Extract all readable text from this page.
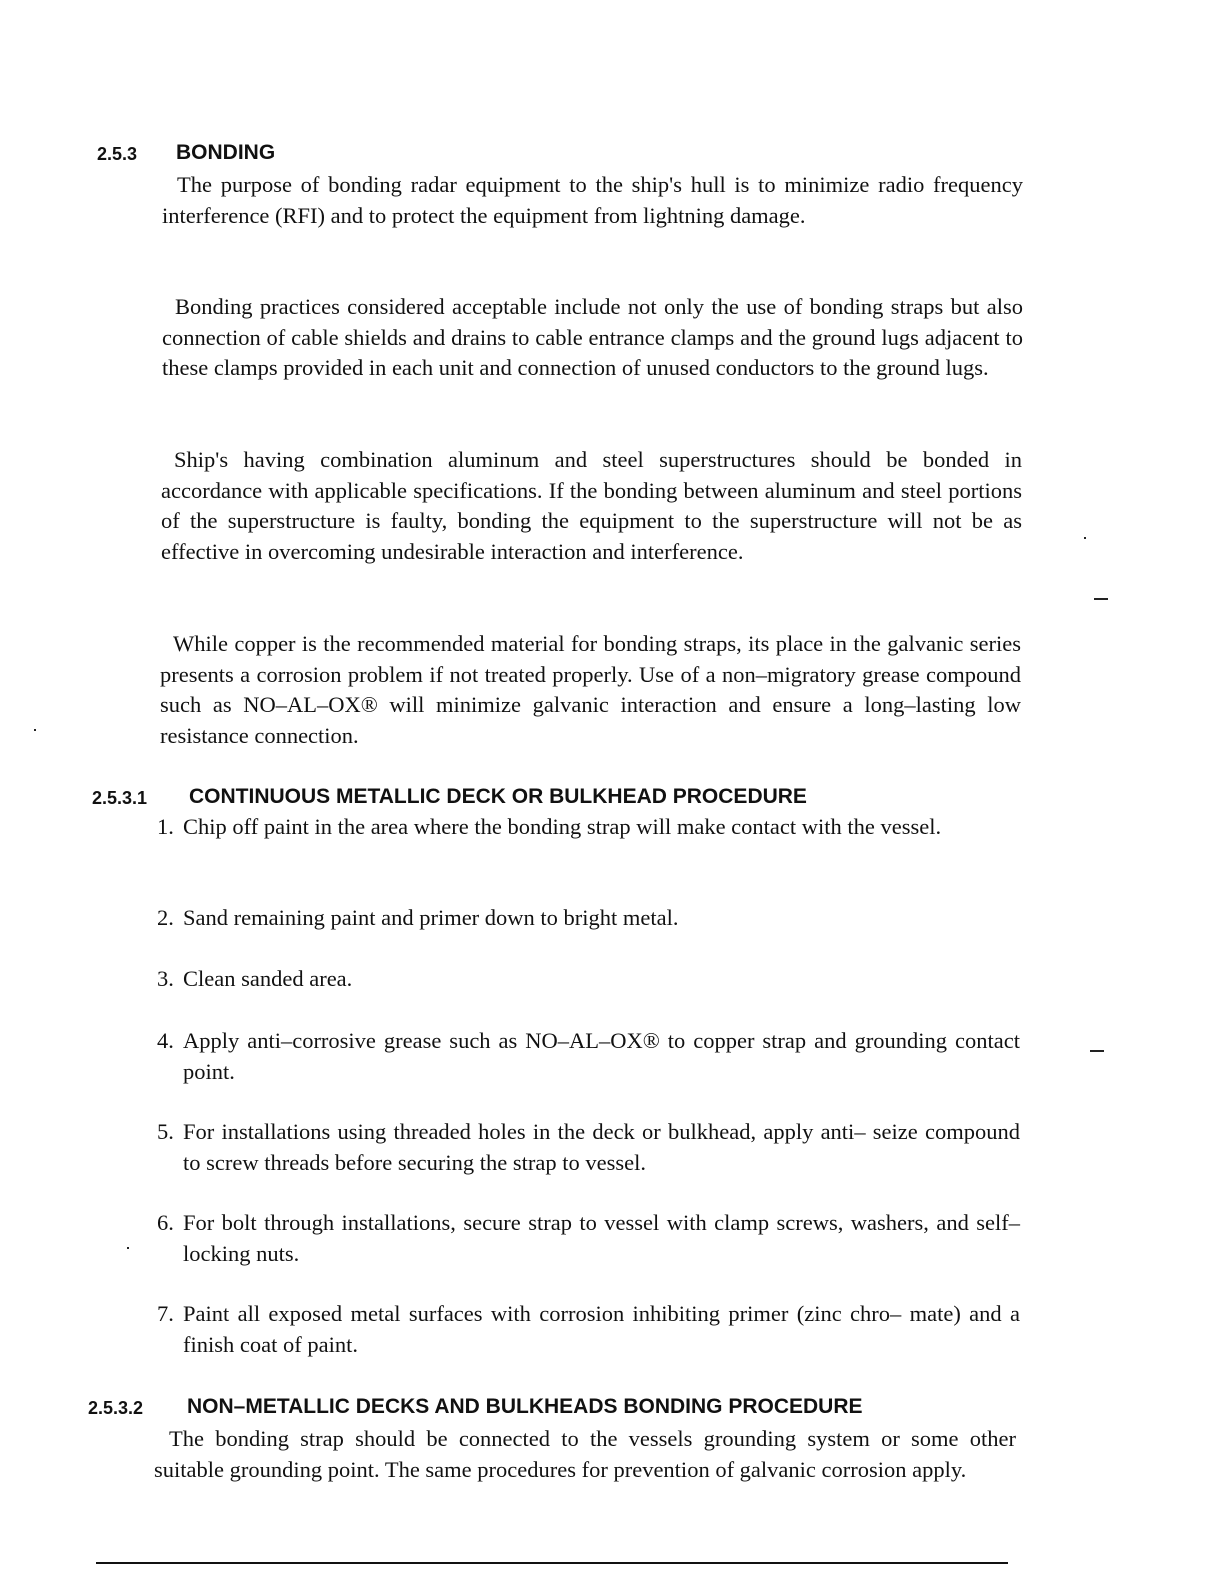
2.5.3 BONDING

The purpose of bonding radar equipment to the ship's hull is to minimize radio frequency interference (RFI) and to protect the equipment from lightning damage.

Bonding practices considered acceptable include not only the use of bonding straps but also connection of cable shields and drains to cable entrance clamps and the ground lugs adjacent to these clamps provided in each unit and connection of unused conductors to the ground lugs.

Ship's having combination aluminum and steel superstructures should be bonded in accordance with applicable specifications. If the bonding between aluminum and steel portions of the superstructure is faulty, bonding the equipment to the superstructure will not be as effective in overcoming undesirable interaction and interference.

While copper is the recommended material for bonding straps, its place in the galvanic series presents a corrosion problem if not treated properly. Use of a non–migratory grease compound such as NO–AL–OX® will minimize galvanic interaction and ensure a long–lasting low resistance connection.

2.5.3.1 CONTINUOUS METALLIC DECK OR BULKHEAD PROCEDURE
1. Chip off paint in the area where the bonding strap will make contact with the vessel.
2. Sand remaining paint and primer down to bright metal.
3. Clean sanded area.
4. Apply anti–corrosive grease such as NO–AL–OX® to copper strap and grounding contact point.
5. For installations using threaded holes in the deck or bulkhead, apply anti– seize compound to screw threads before securing the strap to vessel.
6. For bolt through installations, secure strap to vessel with clamp screws, washers, and self–locking nuts.
7. Paint all exposed metal surfaces with corrosion inhibiting primer (zinc chro– mate) and a finish coat of paint.
2.5.3.2 NON–METALLIC DECKS AND BULKHEADS BONDING PROCEDURE

The bonding strap should be connected to the vessels grounding system or some other suitable grounding point. The same procedures for prevention of galvanic corrosion apply.
